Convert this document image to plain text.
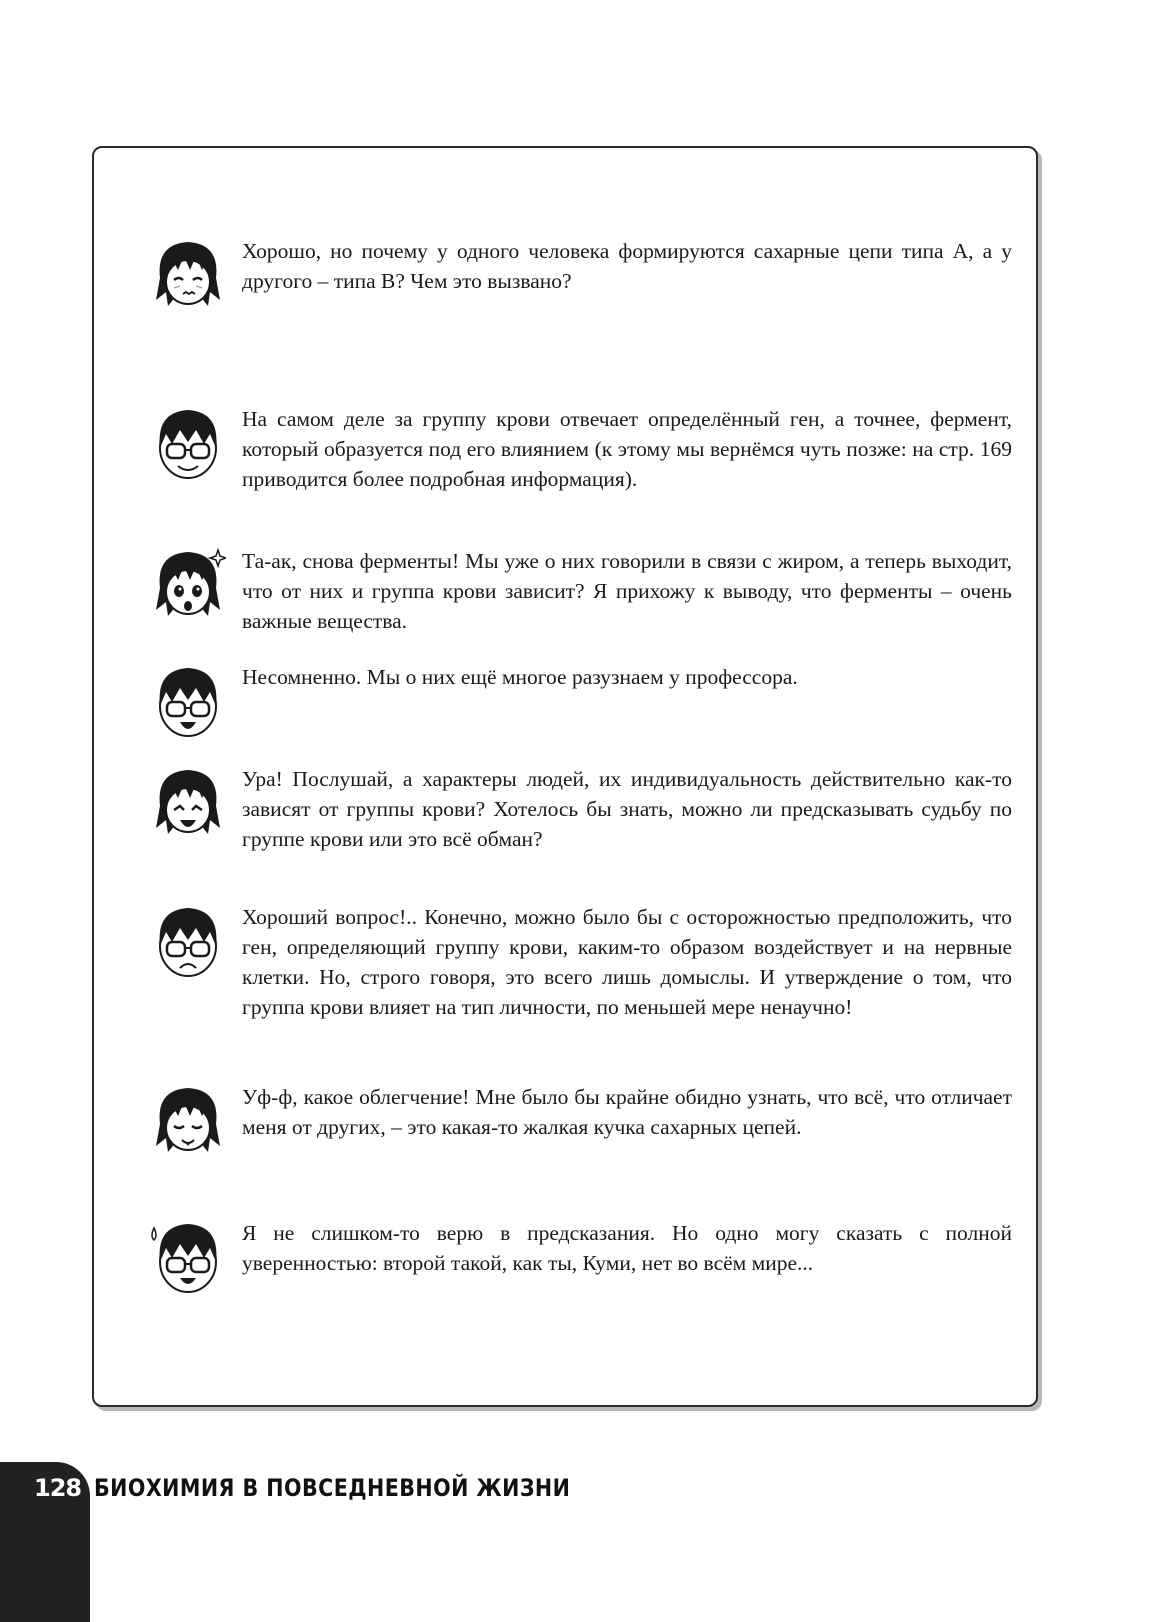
Хорошо, но почему у одного человека формируются сахарные цепи типа А, а у другого – типа В? Чем это вызвано?

На самом деле за группу крови отвечает определённый ген, а точнее, фермент, который образуется под его влиянием (к этому мы вернёмся чуть позже: на стр. 169 приводится более подробная информация).

Та-ак, снова ферменты! Мы уже о них говорили в связи с жиром, а теперь выходит, что от них и группа крови зависит? Я прихожу к выводу, что ферменты – очень важные вещества.

Несомненно. Мы о них ещё многое разузнаем у профессора.

Ура! Послушай, а характеры людей, их индивидуальность действительно как-то зависят от группы крови? Хотелось бы знать, можно ли предсказывать судьбу по группе крови или это всё обман?

Хороший вопрос!.. Конечно, можно было бы с осторожностью предположить, что ген, определяющий группу крови, каким-то образом воздействует и на нервные клетки. Но, строго говоря, это всего лишь домыслы. И утверждение о том, что группа крови влияет на тип личности, по меньшей мере ненаучно!

Уф-ф, какое облегчение! Мне было бы крайне обидно узнать, что всё, что отличает меня от других, – это какая-то жалкая кучка сахарных цепей.

Я не слишком-то верю в предсказания. Но одно могу сказать с полной уверенностью: второй такой, как ты, Куми, нет во всём мире...

128 БИОХИМИЯ В ПОВСЕДНЕВНОЙ ЖИЗНИ
